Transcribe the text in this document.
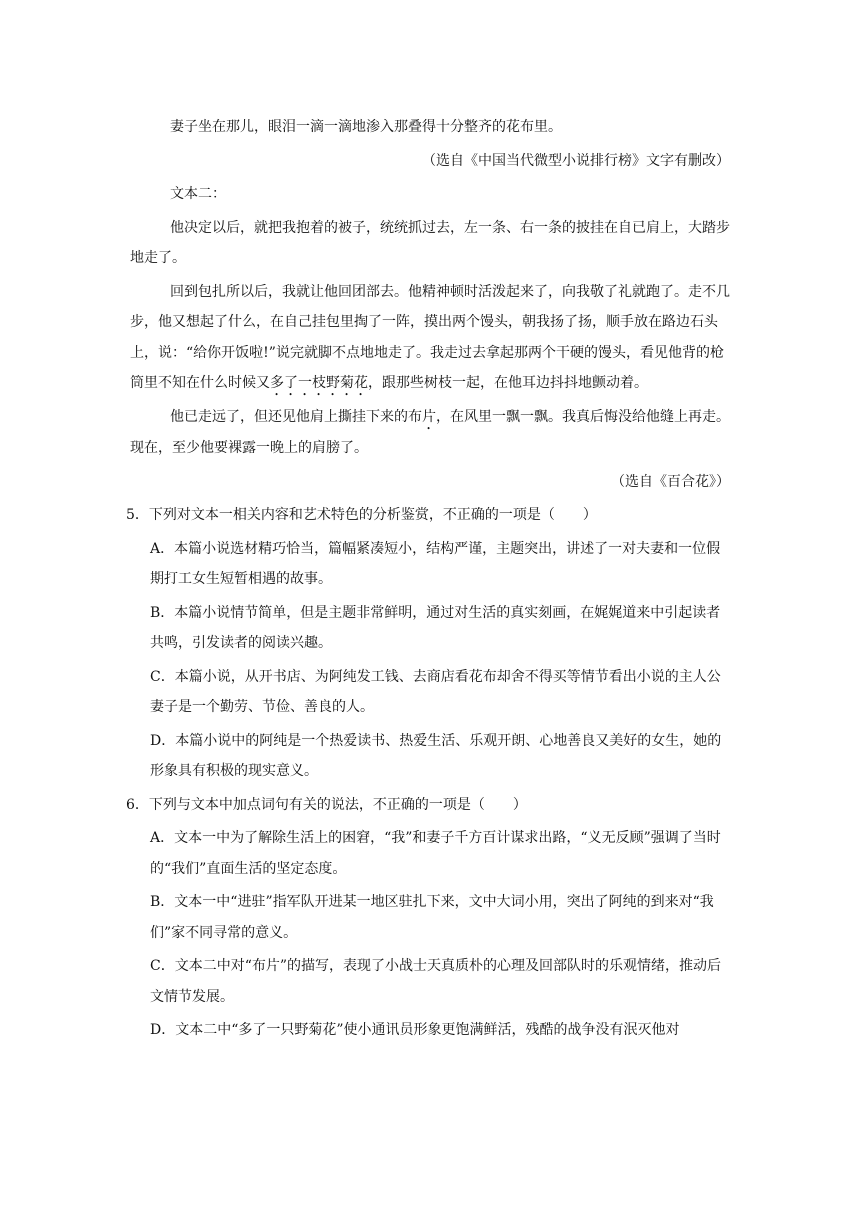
妻子坐在那儿，眼泪一滴一滴地渗入那叠得十分整齐的花布里。

（选自《中国当代微型小说排行榜》文字有删改）

文本二：

他决定以后，就把我抱着的被子，统统抓过去，左一条、右一条的披挂在自已肩上，大踏步地走了。

回到包扎所以后，我就让他回团部去。他精神顿时活泼起来了，向我敬了礼就跑了。走不几步，他又想起了什么，在自己挂包里掏了一阵，摸出两个馒头，朝我扬了扬，顺手放在路边石头上，说：“给你开饭啦!”说完就脚不点地地走了。我走过去拿起那两个干硬的馒头，看见他背的枪筒里不知在什么时候又多了一枝野菊花，跟那些树枝一起，在他耳边抖抖地颤动着。

他已走远了，但还见他肩上撕挂下来的布片，在风里一飘一飘。我真后悔没给他缝上再走。现在，至少他要裸露一晚上的肩膀了。

（选自《百合花》）

5．下列对文本一相关内容和艺术特色的分析鉴赏，不正确的一项是（　　）

A．本篇小说选材精巧恰当，篇幅紧凑短小，结构严谨，主题突出，讲述了一对夫妻和一位假期打工女生短暂相遇的故事。

B．本篇小说情节简单，但是主题非常鲜明，通过对生活的真实刻画，在娓娓道来中引起读者共鸣，引发读者的阅读兴趣。

C．本篇小说，从开书店、为阿纯发工钱、去商店看花布却舍不得买等情节看出小说的主人公妻子是一个勤劳、节俭、善良的人。

D．本篇小说中的阿纯是一个热爱读书、热爱生活、乐观开朗、心地善良又美好的女生，她的形象具有积极的现实意义。

6．下列与文本中加点词句有关的说法，不正确的一项是（　　）

A．文本一中为了解除生活上的困窘，“我”和妻子千方百计谋求出路，“义无反顾”强调了当时的“我们”直面生活的坚定态度。

B．文本一中“进驻”指军队开进某一地区驻扎下来，文中大词小用，突出了阿纯的到来对“我们”家不同寻常的意义。

C．文本二中对“布片”的描写，表现了小战士天真质朴的心理及回部队时的乐观情绪，推动后文情节发展。

D．文本二中“多了一只野菊花”使小通讯员形象更饱满鲜活，残酷的战争没有泯灭他对
